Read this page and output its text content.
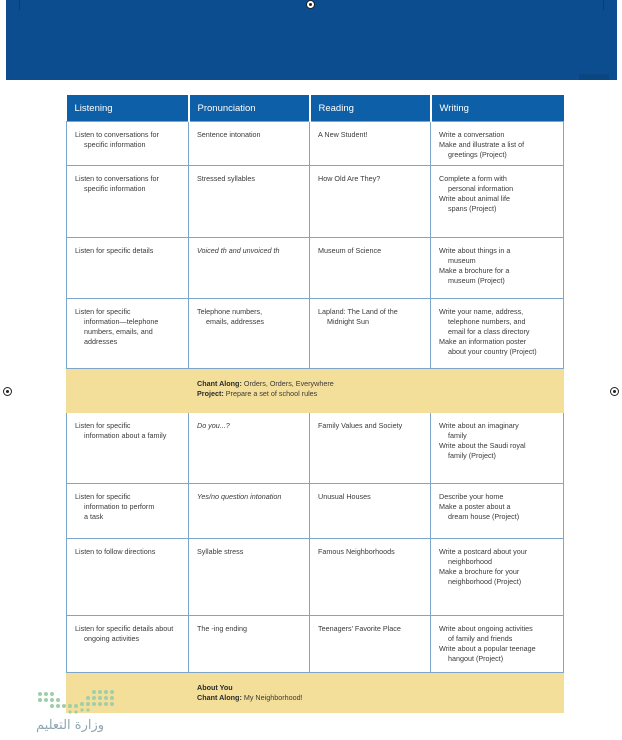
Listening	Pronunciation	Reading	Writing

Listen to conversations for
specific information	Sentence intonation	A New Student!	Write a conversation
Make and illustrate a list of
greetings (Project)

Listen to conversations for
specific information	Stressed syllables	How Old Are They?	Complete a form with
personal information
Write about animal life
spans (Project)

Listen for specific details	Voiced th and unvoiced th	Museum of Science	Write about things in a
museum
Make a brochure for a
museum (Project)

Listen for specific
information—telephone
numbers, emails, and
addresses	Telephone numbers,
emails, addresses	Lapland: The Land of the
Midnight Sun	Write your name, address,
telephone numbers, and
email for a class directory
Make an information poster
about your country (Project)

Chant Along: Orders, Orders, Everywhere
Project: Prepare a set of school rules			

Listen for specific
information about a family	Do you...?	Family Values and Society	Write about an imaginary
family
Write about the Saudi royal
family (Project)

Listen for specific
information to perform
a task	Yes/no question intonation	Unusual Houses	Describe your home
Make a poster about a
dream house (Project)

Listen to follow directions	Syllable stress	Famous Neighborhoods	Write a postcard about your
neighborhood
Make a brochure for your
neighborhood (Project)

Listen for specific details about
ongoing activities	The -ing ending	Teenagers' Favorite Place	Write about ongoing activities
of family and friends
Write about a popular teenage
hangout (Project)

About You
Chant Along: My Neighborhood!			
وزارة التعليم
